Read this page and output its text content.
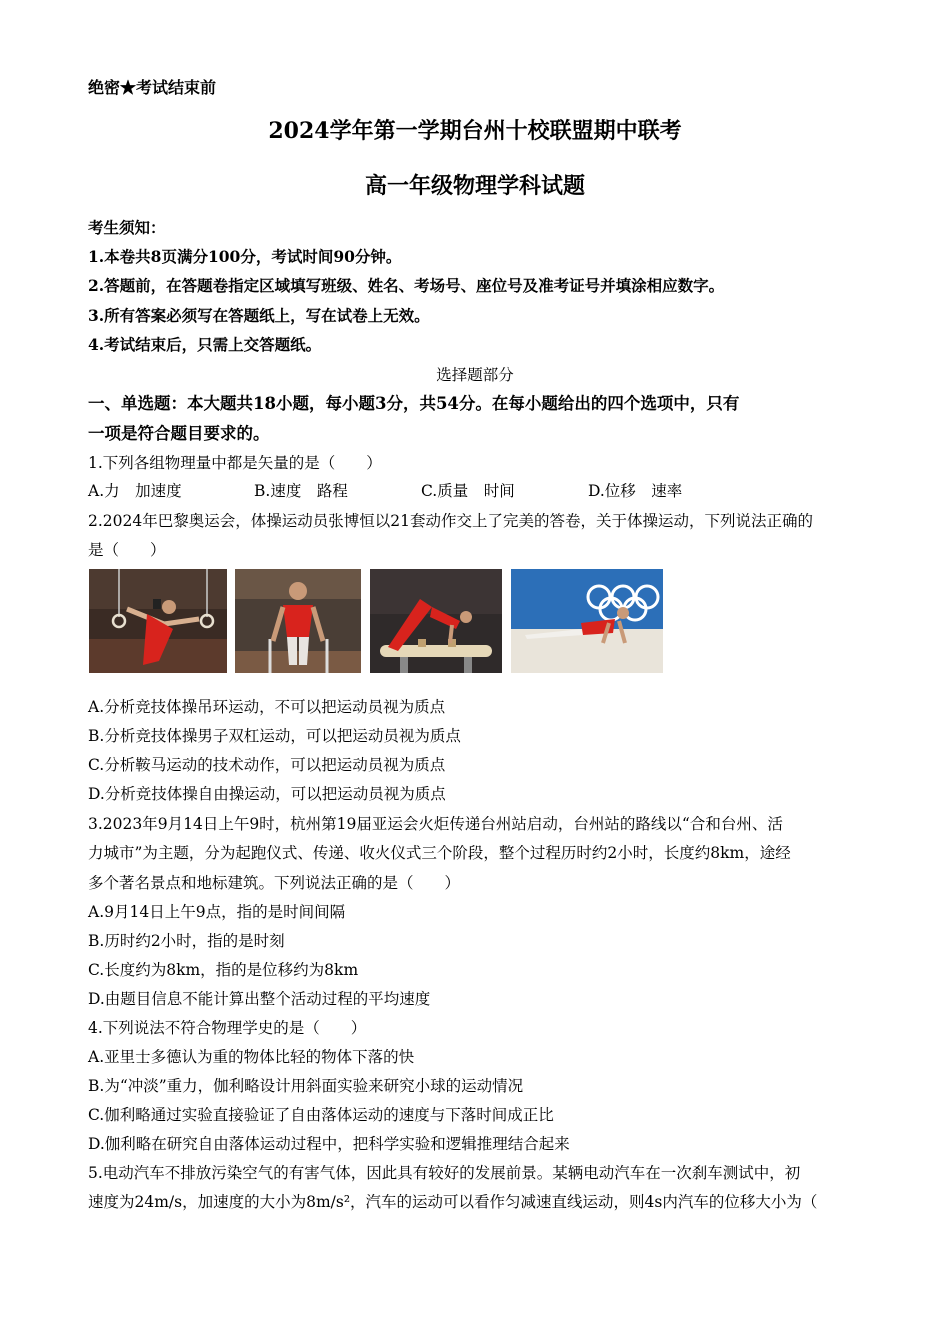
绝密★考试结束前
2024学年第一学期台州十校联盟期中联考
高一年级物理学科试题
考生须知：
1.本卷共8页满分100分，考试时间90分钟。
2.答题前，在答题卷指定区域填写班级、姓名、考场号、座位号及准考证号并填涂相应数字。
3.所有答案必须写在答题纸上，写在试卷上无效。
4.考试结束后，只需上交答题纸。
选择题部分
一、单选题：本大题共18小题，每小题3分，共54分。在每小题给出的四个选项中，只有
一项是符合题目要求的。
1.下列各组物理量中都是矢量的是（　　）
A.力　加速度	B.速度　路程	C.质量　时间	D.位移　速率
2.2024年巴黎奥运会，体操运动员张博恒以21套动作交上了完美的答卷，关于体操运动，下列说法正确的
是（　　）
A.分析竞技体操吊环运动，不可以把运动员视为质点
B.分析竞技体操男子双杠运动，可以把运动员视为质点
C.分析鞍马运动的技术动作，可以把运动员视为质点
D.分析竞技体操自由操运动，可以把运动员视为质点
3.2023年9月14日上午9时，杭州第19届亚运会火炬传递台州站启动，台州站的路线以“合和台州、活
力城市”为主题，分为起跑仪式、传递、收火仪式三个阶段，整个过程历时约2小时，长度约8km，途经
多个著名景点和地标建筑。下列说法正确的是（　　）
A.9月14日上午9点，指的是时间间隔
B.历时约2小时，指的是时刻
C.长度约为8km，指的是位移约为8km
D.由题目信息不能计算出整个活动过程的平均速度
4.下列说法不符合物理学史的是（　　）
A.亚里士多德认为重的物体比轻的物体下落的快
B.为“冲淡”重力，伽利略设计用斜面实验来研究小球的运动情况
C.伽利略通过实验直接验证了自由落体运动的速度与下落时间成正比
D.伽利略在研究自由落体运动过程中，把科学实验和逻辑推理结合起来
5.电动汽车不排放污染空气的有害气体，因此具有较好的发展前景。某辆电动汽车在一次刹车测试中，初
速度为24m/s，加速度的大小为8m/s²，汽车的运动可以看作匀减速直线运动，则4s内汽车的位移大小为（
